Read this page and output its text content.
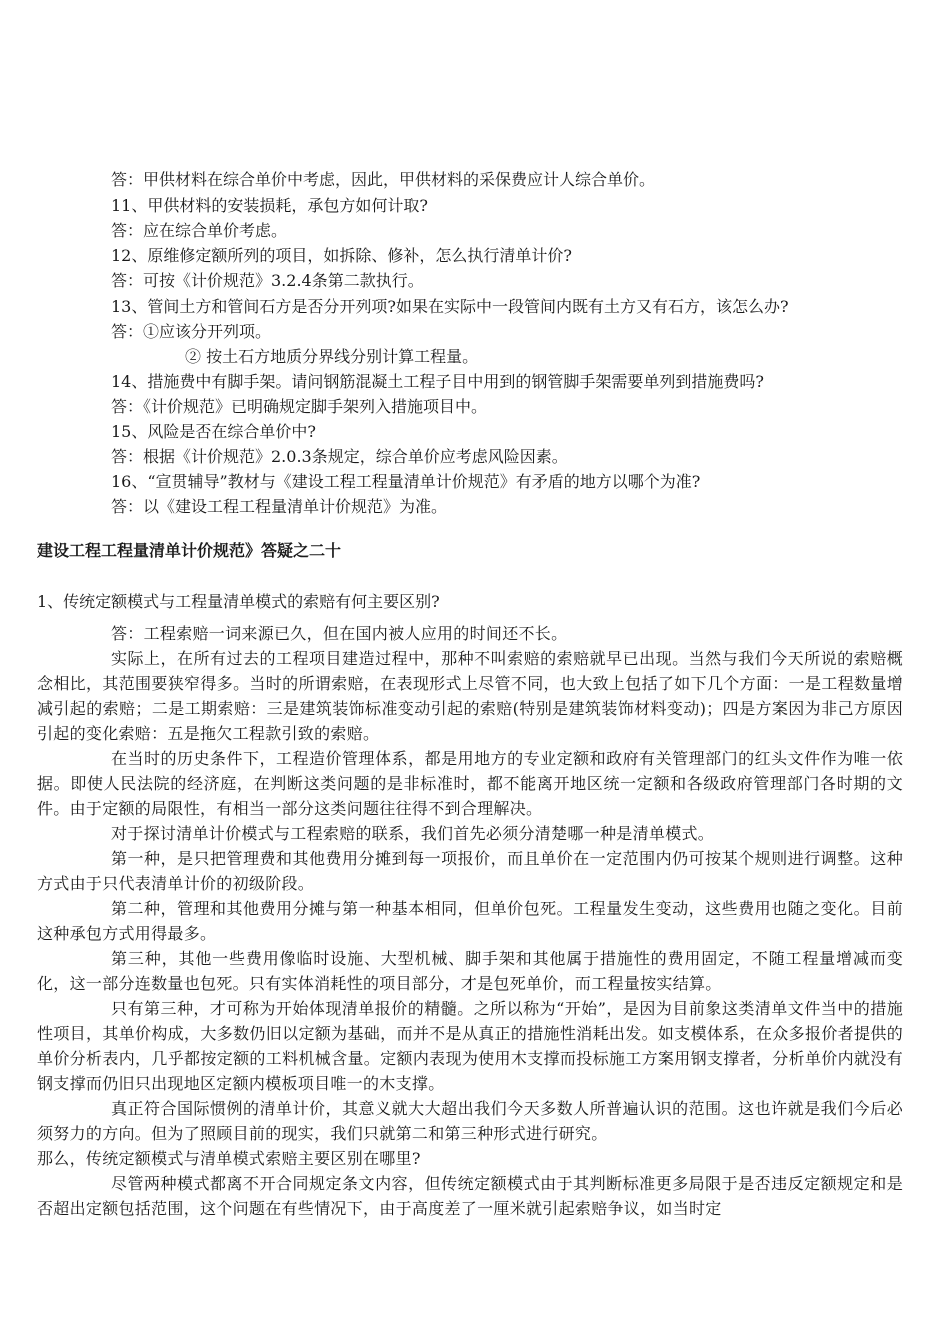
答：甲供材料在综合单价中考虑，因此，甲供材料的采保费应计人综合单价。
11、甲供材料的安装损耗，承包方如何计取?
答：应在综合单价考虑。
12、原维修定额所列的项目，如拆除、修补，怎么执行清单计价?
答：可按《计价规范》3.2.4条第二款执行。
13、管间土方和管间石方是否分开列项?如果在实际中一段管间内既有土方又有石方，该怎么办?
答：①应该分开列项。
② 按土石方地质分界线分别计算工程量。
14、措施费中有脚手架。请问钢筋混凝土工程子目中用到的钢管脚手架需要单列到措施费吗?
答：《计价规范》已明确规定脚手架列入措施项目中。
15、风险是否在综合单价中?
答：根据《计价规范》2.0.3条规定，综合单价应考虑风险因素。
16、“宣贯辅导”教材与《建设工程工程量清单计价规范》有矛盾的地方以哪个为准?
答：以《建设工程工程量清单计价规范》为准。
建设工程工程量清单计价规范》答疑之二十
1、传统定额模式与工程量清单模式的索赔有何主要区别?

答：工程索赔一词来源已久，但在国内被人应用的时间还不长。

实际上，在所有过去的工程项目建造过程中，那种不叫索赔的索赔就早已出现。当然与我们今天所说的索赔概念相比，其范围要狭窄得多。当时的所谓索赔，在表现形式上尽管不同，也大致上包括了如下几个方面：一是工程数量增减引起的索赔；二是工期索赔：三是建筑装饰标准变动引起的索赔(特别是建筑装饰材料变动)；四是方案因为非己方原因引起的变化索赔：五是拖欠工程款引致的索赔。

在当时的历史条件下，工程造价管理体系，都是用地方的专业定额和政府有关管理部门的红头文件作为唯一依据。即使人民法院的经济庭，在判断这类问题的是非标准时，都不能离开地区统一定额和各级政府管理部门各时期的文件。由于定额的局限性，有相当一部分这类问题往往得不到合理解决。

对于探讨清单计价模式与工程索赔的联系，我们首先必须分清楚哪一种是清单模式。

第一种，是只把管理费和其他费用分摊到每一项报价，而且单价在一定范围内仍可按某个规则进行调整。这种方式由于只代表清单计价的初级阶段。

第二种，管理和其他费用分摊与第一种基本相同，但单价包死。工程量发生变动，这些费用也随之变化。目前这种承包方式用得最多。

第三种，其他一些费用像临时设施、大型机械、脚手架和其他属于措施性的费用固定，不随工程量增减而变化，这一部分连数量也包死。只有实体消耗性的项目部分，才是包死单价，而工程量按实结算。

只有第三种，才可称为开始体现清单报价的精髓。之所以称为“开始”，是因为目前象这类清单文件当中的措施性项目，其单价构成，大多数仍旧以定额为基础，而并不是从真正的措施性消耗出发。如支模体系，在众多报价者提供的单价分析表内，几乎都按定额的工料机械含量。定额内表现为使用木支撑而投标施工方案用钢支撑者，分析单价内就没有钢支撑而仍旧只出现地区定额内模板项目唯一的木支撑。

真正符合国际惯例的清单计价，其意义就大大超出我们今天多数人所普遍认识的范围。这也许就是我们今后必须努力的方向。但为了照顾目前的现实，我们只就第二和第三种形式进行研究。

那么，传统定额模式与清单模式索赔主要区别在哪里?

尽管两种模式都离不开合同规定条文内容，但传统定额模式由于其判断标准更多局限于是否违反定额规定和是否超出定额包括范围，这个问题在有些情况下，由于高度差了一厘米就引起索赔争议，如当时定
